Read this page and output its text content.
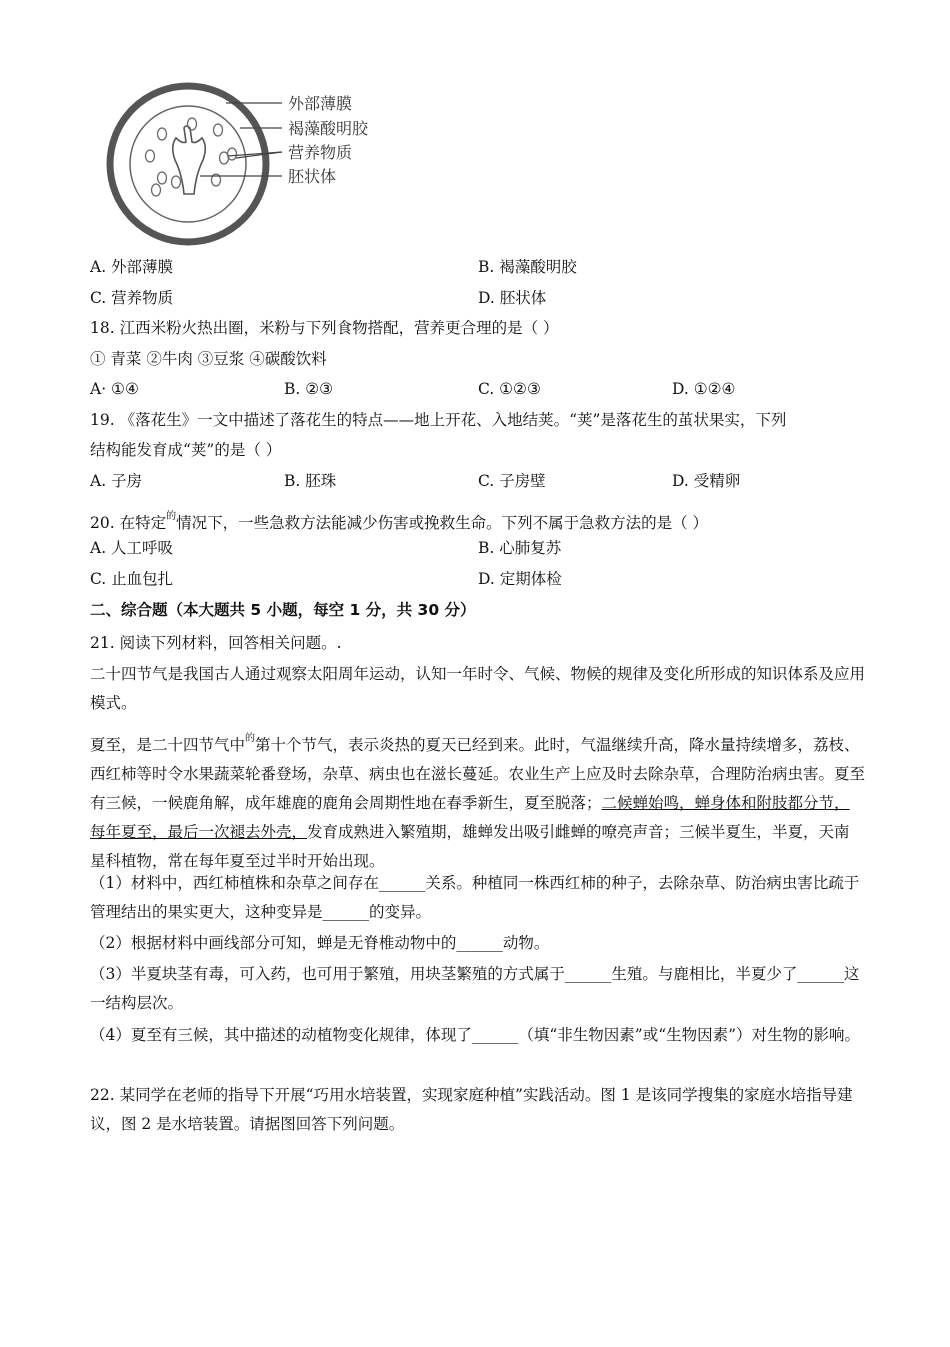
外部薄膜
褐藻酸明胶
营养物质
胚状体
A. 外部薄膜	B. 褐藻酸明胶
C. 营养物质	D. 胚状体
18. 江西米粉火热出圈，米粉与下列食物搭配，营养更合理的是（ ）
① 青菜 ②牛肉 ③豆浆 ④碳酸饮料
A· ①④	B. ②③	C. ①②③	D. ①②④
19. 《落花生》一文中描述了落花生的特点——地上开花、入地结荚。“荚”是落花生的茧状果实，下列
结构能发育成“荚”的是（ ）
A. 子房	B. 胚珠	C. 子房壁	D. 受精卵
20. 在特定$^的$情况下，一些急救方法能减少伤害或挽救生命。下列不属于急救方法的是（ ）
A. 人工呼吸	B. 心肺复苏
C. 止血包扎	D. 定期体检
二、综合题（本大题共 5 小题，每空 1 分，共 30 分）
21. 阅读下列材料，回答相关问题。.
二十四节气是我国古人通过观察太阳周年运动，认知一年时令、气候、物候的规律及变化所形成的知识体系及应用模式。
夏至，是二十四节气中$^的$第十个节气，表示炎热的夏天已经到来。此时，气温继续升高，降水量持续增多，荔枝、西红柿等时令水果蔬菜轮番登场，杂草、病虫也在滋长蔓延。农业生产上应及时去除杂草，合理防治病虫害。夏至有三候，一候鹿角解，成年雄鹿的鹿角会周期性地在春季新生，夏至脱落；二候蝉始鸣，蝉身体和附肢都分节，每年夏至，最后一次褪去外壳，发育成熟进入繁殖期，雄蝉发出吸引雌蝉的嘹亮声音；三候半夏生，半夏，天南星科植物，常在每年夏至过半时开始出现。
（1）材料中，西红柿植株和杂草之间存在______关系。种植同一株西红柿的种子，去除杂草、防治病虫害比疏于管理结出的果实更大，这种变异是______的变异。
（2）根据材料中画线部分可知，蝉是无脊椎动物中的______动物。
（3）半夏块茎有毒，可入药，也可用于繁殖，用块茎繁殖的方式属于______生殖。与鹿相比，半夏少了______这一结构层次。
（4）夏至有三候，其中描述的动植物变化规律，体现了______（填“非生物因素”或“生物因素”）对生物的影响。
22. 某同学在老师的指导下开展“巧用水培装置，实现家庭种植”实践活动。图 1 是该同学搜集的家庭水培指导建议，图 2 是水培装置。请据图回答下列问题。
